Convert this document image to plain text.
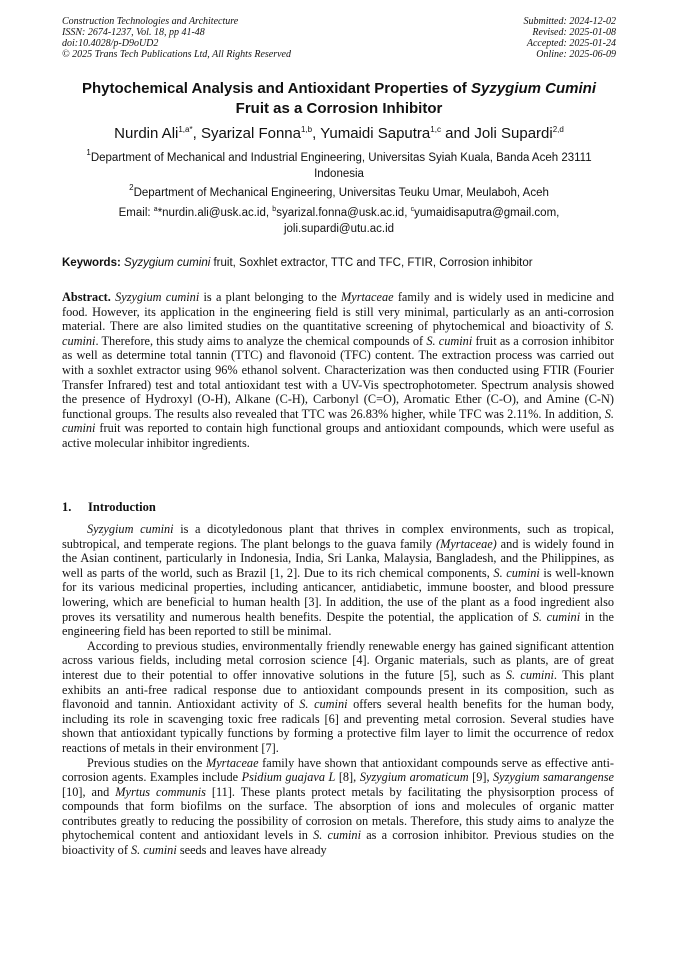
Construction Technologies and Architecture
ISSN: 2674-1237, Vol. 18, pp 41-48
doi:10.4028/p-D9oUD2
© 2025 Trans Tech Publications Ltd, All Rights Reserved
Submitted: 2024-12-02
Revised: 2025-01-08
Accepted: 2025-01-24
Online: 2025-06-09
Phytochemical Analysis and Antioxidant Properties of Syzygium Cumini
Fruit as a Corrosion Inhibitor
Nurdin Ali$^{1,a*}$, Syarizal Fonna$^{1,b}$, Yumaidi Saputra$^{1,c}$ and Joli Supardi$^{2,d}$
$^1$Department of Mechanical and Industrial Engineering, Universitas Syiah Kuala, Banda Aceh 23111 Indonesia
$^2$Department of Mechanical Engineering, Universitas Teuku Umar, Meulaboh, Aceh
Email: $^a$*nurdin.ali@usk.ac.id, $^b$syarizal.fonna@usk.ac.id, $^c$yumaidisaputra@gmail.com,
joli.supardi@utu.ac.id
Keywords: Syzygium cumini fruit, Soxhlet extractor, TTC and TFC, FTIR, Corrosion inhibitor
Abstract. Syzygium cumini is a plant belonging to the Myrtaceae family and is widely used in medicine and food. However, its application in the engineering field is still very minimal, particularly as an anti-corrosion material. There are also limited studies on the quantitative screening of phytochemical and bioactivity of S. cumini. Therefore, this study aims to analyze the chemical compounds of S. cumini fruit as a corrosion inhibitor as well as determine total tannin (TTC) and flavonoid (TFC) content. The extraction process was carried out with a soxhlet extractor using 96% ethanol solvent. Characterization was then conducted using FTIR (Fourier Transfer Infrared) test and total antioxidant test with a UV-Vis spectrophotometer. Spectrum analysis showed the presence of Hydroxyl (O-H), Alkane (C-H), Carbonyl (C=O), Aromatic Ether (C-O), and Amine (C-N) functional groups. The results also revealed that TTC was 26.83% higher, while TFC was 2.11%. In addition, S. cumini fruit was reported to contain high functional groups and antioxidant compounds, which were useful as active molecular inhibitor ingredients.
1. Introduction

Syzygium cumini is a dicotyledonous plant that thrives in complex environments, such as tropical, subtropical, and temperate regions. The plant belongs to the guava family (Myrtaceae) and is widely found in the Asian continent, particularly in Indonesia, India, Sri Lanka, Malaysia, Bangladesh, and the Philippines, as well as parts of the world, such as Brazil [1, 2]. Due to its rich chemical components, S. cumini is well-known for its various medicinal properties, including anticancer, antidiabetic, immune booster, and blood pressure lowering, which are beneficial to human health [3]. In addition, the use of the plant as a food ingredient also proves its versatility and numerous health benefits. Despite the potential, the application of S. cumini in the engineering field has been reported to still be minimal.

According to previous studies, environmentally friendly renewable energy has gained significant attention across various fields, including metal corrosion science [4]. Organic materials, such as plants, are of great interest due to their potential to offer innovative solutions in the future [5], such as S. cumini. This plant exhibits an anti-free radical response due to antioxidant compounds present in its composition, such as flavonoid and tannin. Antioxidant activity of S. cumini offers several health benefits for the human body, including its role in scavenging toxic free radicals [6] and preventing metal corrosion. Several studies have shown that antioxidant typically functions by forming a protective film layer to limit the occurrence of redox reactions of metals in their environment [7].

Previous studies on the Myrtaceae family have shown that antioxidant compounds serve as effective anti-corrosion agents. Examples include Psidium guajava L [8], Syzygium aromaticum [9], Syzygium samarangense [10], and Myrtus communis [11]. These plants protect metals by facilitating the physisorption process of compounds that form biofilms on the surface. The absorption of ions and molecules of organic matter contributes greatly to reducing the possibility of corrosion on metals. Therefore, this study aims to analyze the phytochemical content and antioxidant levels in S. cumini as a corrosion inhibitor. Previous studies on the bioactivity of S. cumini seeds and leaves have already
